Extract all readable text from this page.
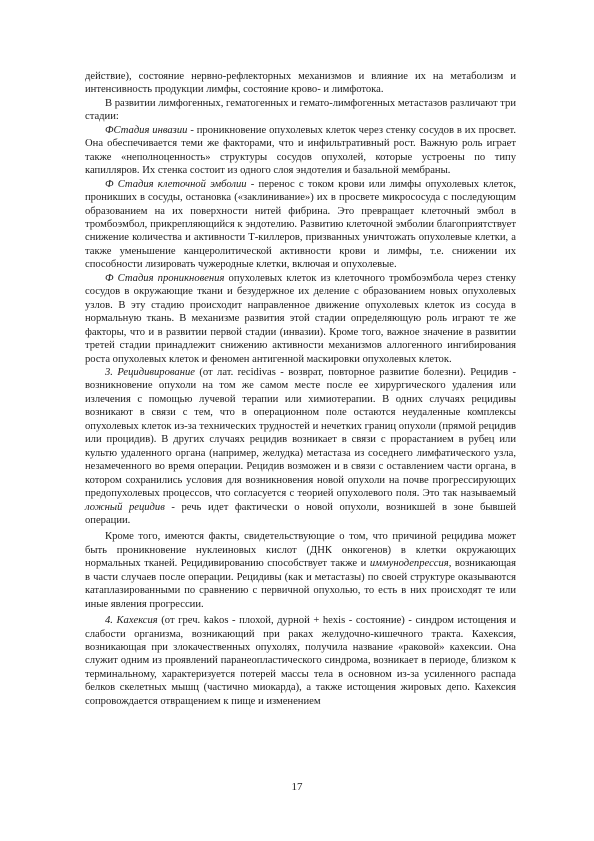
действие), состояние нервно-рефлекторных механизмов и влияние их на метаболизм и интенсивность продукции лимфы, состояние крово- и лимфотока.

В развитии лимфогенных, гематогенных и гемато-лимфогенных метастазов различают три стадии:

ФСтадия инвазии - проникновение опухолевых клеток через стенку сосудов в их просвет. Она обеспечивается теми же факторами, что и инфильтративный рост. Важную роль играет также «неполноценность» структуры сосудов опухолей, которые устроены по типу капилляров. Их стенка состоит из одного слоя эндотелия и базальной мембраны.

Ф Стадия клеточной эмболии - перенос с током крови или лимфы опухолевых клеток, проникших в сосуды, остановка («заклинивание») их в просвете микрососуда с последующим образованием на их поверхности нитей фибрина. Это превращает клеточный эмбол в тромбоэмбол, прикрепляющийся к эндотелию. Развитию клеточной эмболии благоприятствует снижение количества и активности Т-киллеров, призванных уничтожать опухолевые клетки, а также уменьшение канцеролитической активности крови и лимфы, т.е. снижении их способности лизировать чужеродные клетки, включая и опухолевые.

Ф Стадия проникновения опухолевых клеток из клеточного тромбоэмбола через стенку сосудов в окружающие ткани и безудержное их деление с образованием новых опухолевых узлов. В эту стадию происходит направленное движение опухолевых клеток из сосуда в нормальную ткань. В механизме развития этой стадии определяющую роль играют те же факторы, что и в развитии первой стадии (инвазии). Кроме того, важное значение в развитии третей стадии принадлежит снижению активности механизмов аллогенного ингибирования роста опухолевых клеток и феномен антигенной маскировки опухолевых клеток.

3. Рецидивирование (от лат. recidivas - возврат, повторное развитие болезни). Рецидив - возникновение опухоли на том же самом месте после ее хирургического удаления или излечения с помощью лучевой терапии или химиотерапии. В одних случаях рецидивы возникают в связи с тем, что в операционном поле остаются неудаленные комплексы опухолевых клеток из-за технических трудностей и нечетких границ опухоли (прямой рецидив или процидив). В других случаях рецидив возникает в связи с прорастанием в рубец или культю удаленного органа (например, желудка) метастаза из соседнего лимфатического узла, незамеченного во время операции. Рецидив возможен и в связи с оставлением части органа, в котором сохранились условия для возникновения новой опухоли на почве прогрессирующих предопухолевых процессов, что согласуется с теорией опухолевого поля. Это так называемый ложный рецидив - речь идет фактически о новой опухоли, возникшей в зоне бывшей операции.

Кроме того, имеются факты, свидетельствующие о том, что причиной рецидива может быть проникновение нуклеиновых кислот (ДНК онкогенов) в клетки окружающих нормальных тканей. Рецидивированию способствует также и иммунодепрессия, возникающая в части случаев после операции. Рецидивы (как и метастазы) по своей структуре оказываются катаплазированными по сравнению с первичной опухолью, то есть в них происходят те или иные явления прогрессии.

4. Кахексия (от греч. kakos - плохой, дурной + hexis - состояние) - синдром истощения и слабости организма, возникающий при раках желудочно-кишечного тракта. Кахексия, возникающая при злокачественных опухолях, получила название «раковой» кахексии. Она служит одним из проявлений паранеопластического синдрома, возникает в периоде, близком к терминальному, характеризуется потерей массы тела в основном из-за усиленного распада белков скелетных мышц (частично миокарда), а также истощения жировых депо. Кахексия сопровождается отвращением к пище и изменением

17
